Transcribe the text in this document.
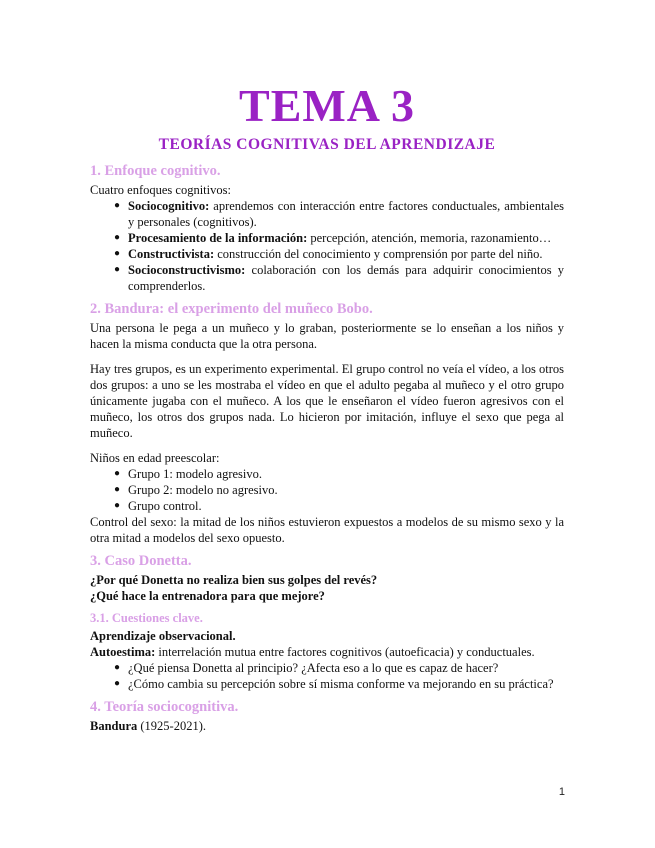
TEMA 3
TEORÍAS COGNITIVAS DEL APRENDIZAJE
1. Enfoque cognitivo.

Cuatro enfoques cognitivos:

● Sociocognitivo: aprendemos con interacción entre factores conductuales, ambientales y personales (cognitivos).
● Procesamiento de la información: percepción, atención, memoria, razonamiento…
● Constructivista: construcción del conocimiento y comprensión por parte del niño.
● Socioconstructivismo: colaboración con los demás para adquirir conocimientos y comprenderlos.
2. Bandura: el experimento del muñeco Bobo.

Una persona le pega a un muñeco y lo graban, posteriormente se lo enseñan a los niños y hacen la misma conducta que la otra persona.

Hay tres grupos, es un experimento experimental. El grupo control no veía el vídeo, a los otros dos grupos: a uno se les mostraba el vídeo en que el adulto pegaba al muñeco y el otro grupo únicamente jugaba con el muñeco. A los que le enseñaron el vídeo fueron agresivos con el muñeco, los otros dos grupos nada. Lo hicieron por imitación, influye el sexo que pega al muñeco.

Niños en edad preescolar:

● Grupo 1: modelo agresivo.
● Grupo 2: modelo no agresivo.
● Grupo control.

Control del sexo: la mitad de los niños estuvieron expuestos a modelos de su mismo sexo y la otra mitad a modelos del sexo opuesto.

3. Caso Donetta.

¿Por qué Donetta no realiza bien sus golpes del revés?

¿Qué hace la entrenadora para que mejore?

3.1. Cuestiones clave.

Aprendizaje observacional.

Autoestima: interrelación mutua entre factores cognitivos (autoeficacia) y conductuales.

● ¿Qué piensa Donetta al principio? ¿Afecta eso a lo que es capaz de hacer?
● ¿Cómo cambia su percepción sobre sí misma conforme va mejorando en su práctica?
4. Teoría sociocognitiva.

Bandura (1925-2021).

1
